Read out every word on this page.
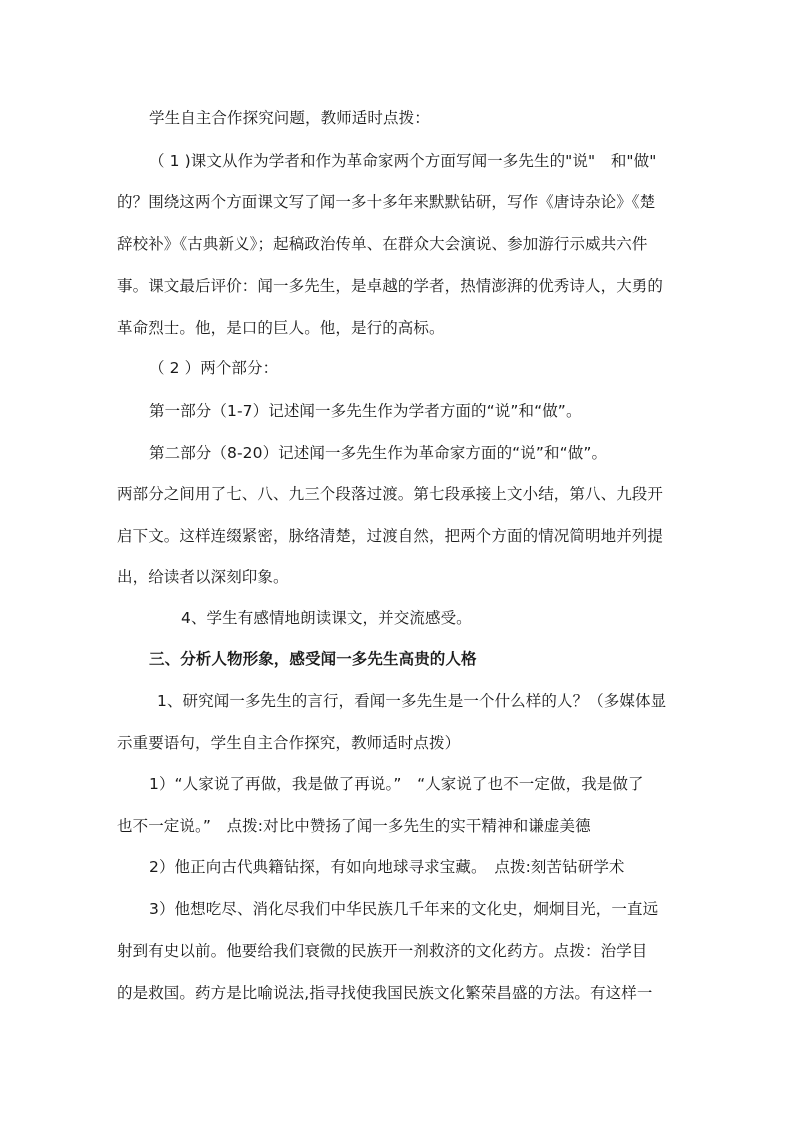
学生自主合作探究问题，教师适时点拨：

（ 1 )课文从作为学者和作为革命家两个方面写闻一多先生的"说"　和"做"

的？围绕这两个方面课文写了闻一多十多年来默默钻研，写作《唐诗杂论》《楚

辞校补》《古典新义》；起稿政治传单、在群众大会演说、参加游行示威共六件

事。课文最后评价：闻一多先生，是卓越的学者，热情澎湃的优秀诗人，大勇的

革命烈士。他，是口的巨人。他，是行的高标。

（ 2 ）两个部分：

第一部分（1-7）记述闻一多先生作为学者方面的“说”和“做”。

第二部分（8-20）记述闻一多先生作为革命家方面的“说”和“做”。

两部分之间用了七、八、九三个段落过渡。第七段承接上文小结，第八、九段开

启下文。这样连缀紧密，脉络清楚，过渡自然，把两个方面的情况简明地并列提

出，给读者以深刻印象。

4、学生有感情地朗读课文，并交流感受。

三、分析人物形象，感受闻一多先生高贵的人格

1、研究闻一多先生的言行，看闻一多先生是一个什么样的人？（多媒体显

示重要语句，学生自主合作探究，教师适时点拨）

1）“人家说了再做，我是做了再说。”　“人家说了也不一定做，我是做了

也不一定说。”　点拨:对比中赞扬了闻一多先生的实干精神和谦虚美德

2）他正向古代典籍钻探，有如向地球寻求宝藏。　点拨:刻苦钻研学术

3）他想吃尽、消化尽我们中华民族几千年来的文化史，炯炯目光，一直远

射到有史以前。他要给我们衰微的民族开一剂救济的文化药方。点拨：治学目

的是救国。药方是比喻说法,指寻找使我国民族文化繁荣昌盛的方法。有这样一
